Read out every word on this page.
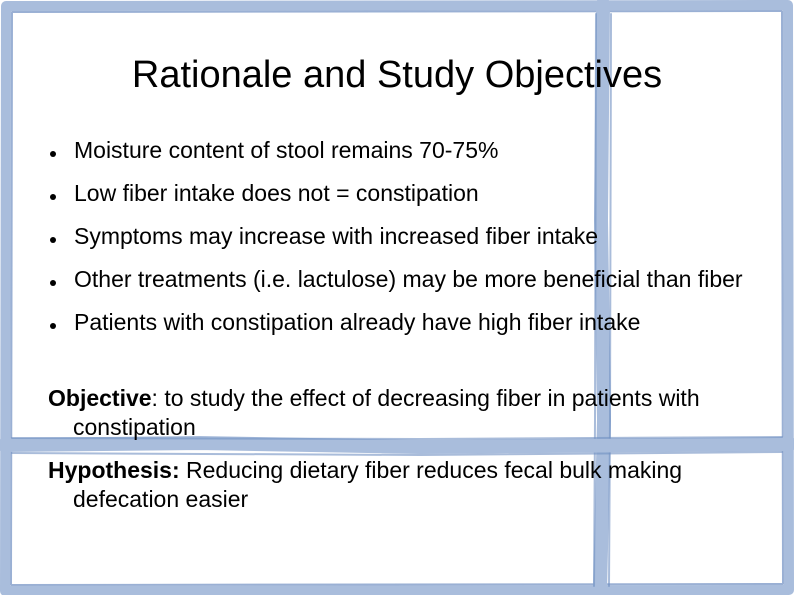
Rationale and Study Objectives
Moisture content of stool remains 70-75%
Low fiber intake does not = constipation
Symptoms may increase with increased fiber intake
Other treatments (i.e. lactulose) may be more beneficial than fiber
Patients with constipation already have high fiber intake
Objective: to study the effect of decreasing fiber in patients with constipation
Hypothesis: Reducing dietary fiber reduces fecal bulk making defecation easier
